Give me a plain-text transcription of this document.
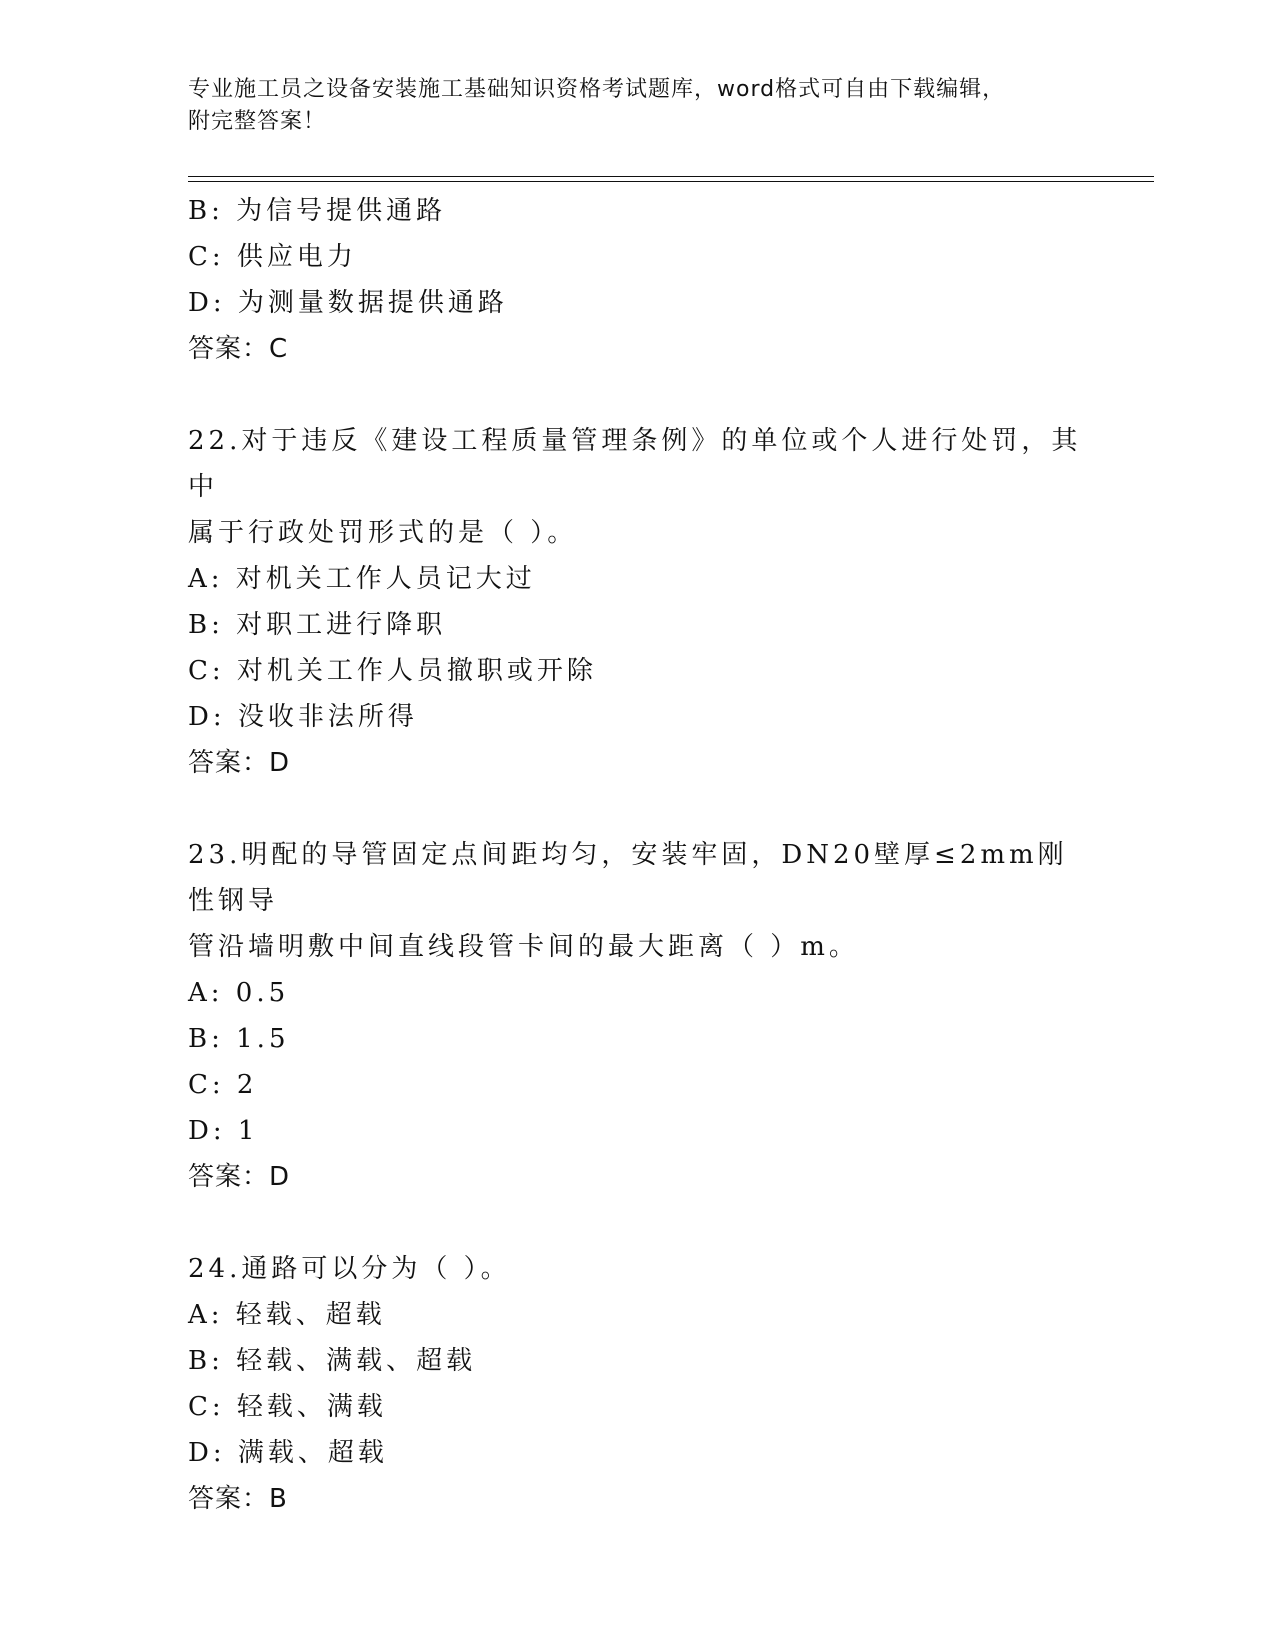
专业施工员之设备安装施工基础知识资格考试题库，word格式可自由下载编辑，
附完整答案！
B: 为信号提供通路
C: 供应电力
D: 为测量数据提供通路
答案：C
22.对于违反《建设工程质量管理条例》的单位或个人进行处罚，其中
属于行政处罚形式的是（ ）。
A: 对机关工作人员记大过
B: 对职工进行降职
C: 对机关工作人员撤职或开除
D: 没收非法所得
答案：D
23.明配的导管固定点间距均匀，安装牢固，DN20壁厚≤2mm刚性钢导
管沿墙明敷中间直线段管卡间的最大距离（ ）m。
A: 0.5
B: 1.5
C: 2
D: 1
答案：D
24.通路可以分为（ ）。
A: 轻载、超载
B: 轻载、满载、超载
C: 轻载、满载
D: 满载、超载
答案：B
